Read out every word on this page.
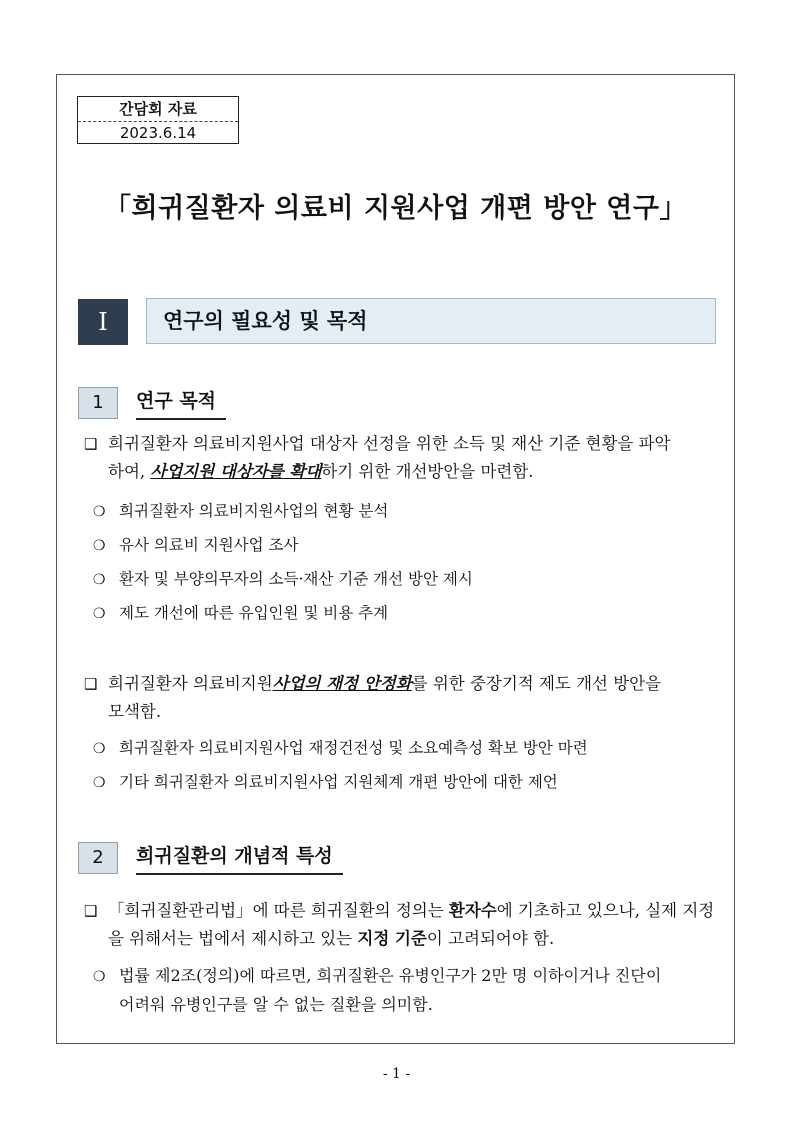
간담회 자료
2023.6.14
「희귀질환자 의료비 지원사업 개편 방안 연구」
Ⅰ	연구의 필요성 및 목적
1	연구 목적
❑ 희귀질환자 의료비지원사업 대상자 선정을 위한 소득 및 재산 기준 현황을 파악
하여, 사업지원 대상자를 확대하기 위한 개선방안을 마련함.
❍ 희귀질환자 의료비지원사업의 현황 분석
❍ 유사 의료비 지원사업 조사
❍ 환자 및 부양의무자의 소득·재산 기준 개선 방안 제시
❍ 제도 개선에 따른 유입인원 및 비용 추계
❑ 희귀질환자 의료비지원사업의 재정 안정화를 위한 중장기적 제도 개선 방안을
모색함.
❍ 희귀질환자 의료비지원사업 재정건전성 및 소요예측성 확보 방안 마련
❍ 기타 희귀질환자 의료비지원사업 지원체계 개편 방안에 대한 제언
2	희귀질환의 개념적 특성
❑ 「희귀질환관리법」에 따른 희귀질환의 정의는 환자수에 기초하고 있으나, 실제 지정
을 위해서는 법에서 제시하고 있는 지정 기준이 고려되어야 함.
❍ 법률 제2조(정의)에 따르면, 희귀질환은 유병인구가 2만 명 이하이거나 진단이
어려워 유병인구를 알 수 없는 질환을 의미함.
- 1 -
